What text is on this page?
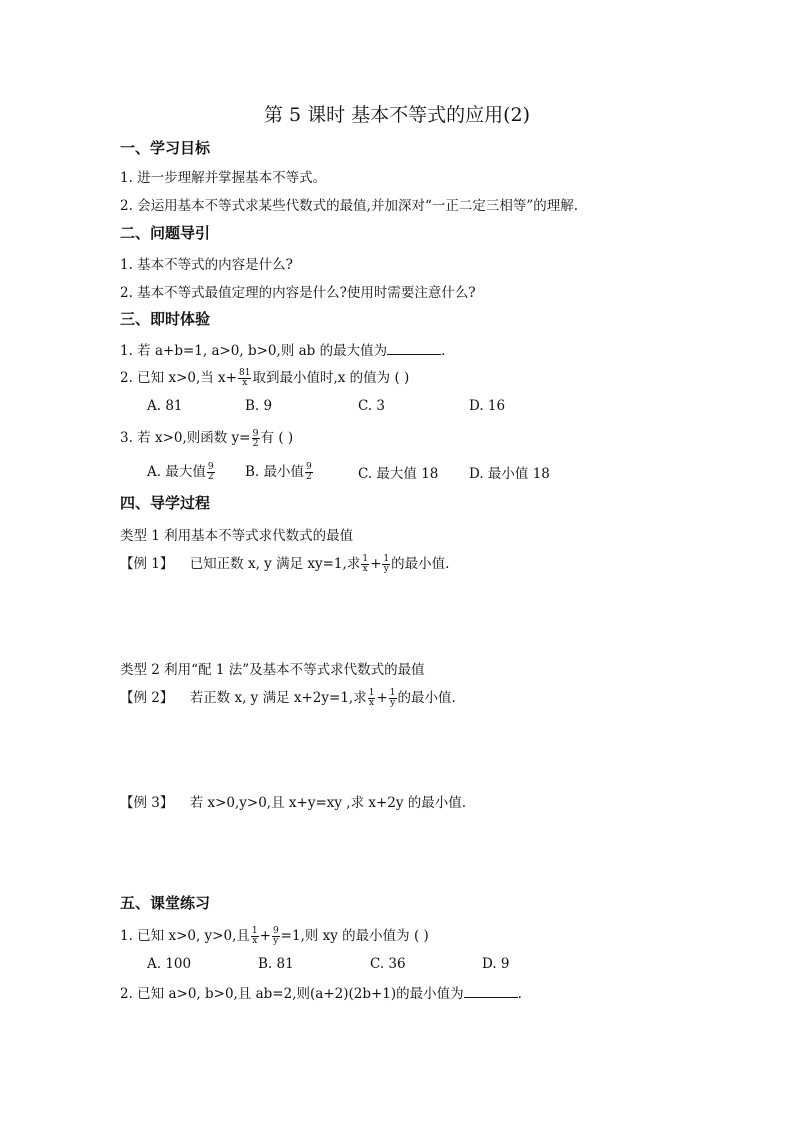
第 5 课时 基本不等式的应用(2)
一、学习目标
1. 进一步理解并掌握基本不等式。
2. 会运用基本不等式求某些代数式的最值,并加深对“一正二定三相等”的理解.
二、问题导引
1. 基本不等式的内容是什么?
2. 基本不等式最值定理的内容是什么?使用时需要注意什么?
三、即时体验
1. 若 a+b=1, a>0, b>0,则 ab 的最大值为	.
2. 已知 x>0,当 $x+ \frac{81}{x}$ 取到最小值时,x 的值为 ( )
A. 81	B. 9	C. 3	D. 16
3. 若 x>0,则函数 $y= \frac{9}{2}$ 有 ( )
A. 最大值 $\frac{9}{2} B$. 最小值 $\frac{9}{2}$	C. 最大值 18 D. 最小值 18
四、导学过程
类型 1 利用基本不等式求代数式的最值
【例 1】 已知正数 x, y 满足 xy=1,求 $\frac{1}{x} + \frac{1}{y}$ 的最小值.
类型 2 利用“配 1 法”及基本不等式求代数式的最值
【例 2】 若正数 x, y 满足 x+2y=1,求 $\frac{1}{x} + \frac{1}{y}$ 的最小值.
【例 3】 若 x>0,y>0,且 x+y=xy ,求 x+2y 的最小值.
五、课堂练习
1. 已知 x>0, y>0,且 $\frac{1}{x} + \frac{9}{y} =1$,则 xy 的最小值为 ( )
A. 100	B. 81	C. 36	D. 9
2. 已知 a>0, b>0,且 ab=2,则(a+2)(2b+1)的最小值为	.
